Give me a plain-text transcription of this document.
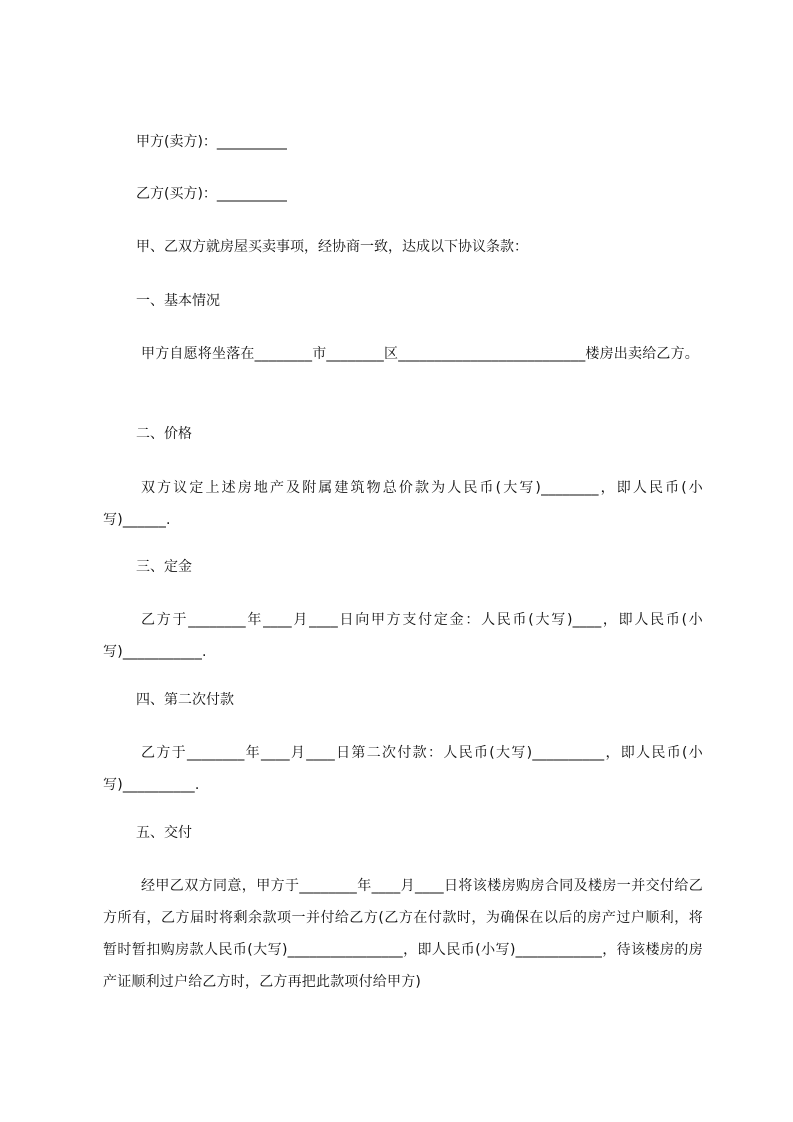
甲方(卖方)：__________
乙方(买方)：__________
甲、乙双方就房屋买卖事项，经协商一致，达成以下协议条款：
一、基本情况
甲方自愿将坐落在________市________区__________________________楼房出卖给乙方。
二、价格
双方议定上述房地产及附属建筑物总价款为人民币(大写)________，即人民币(小写)______.
三、定金
乙方于________年____月____日向甲方支付定金：人民币(大写)____，即人民币(小写)___________.
四、第二次付款
乙方于________年____月____日第二次付款：人民币(大写)__________，即人民币(小写)__________.
五、交付
经甲乙双方同意，甲方于________年____月____日将该楼房购房合同及楼房一并交付给乙方所有，乙方届时将剩余款项一并付给乙方(乙方在付款时，为确保在以后的房产过户顺利，将暂时暂扣购房款人民币(大写)________________，即人民币(小写)____________，待该楼房的房产证顺利过户给乙方时，乙方再把此款项付给甲方)
